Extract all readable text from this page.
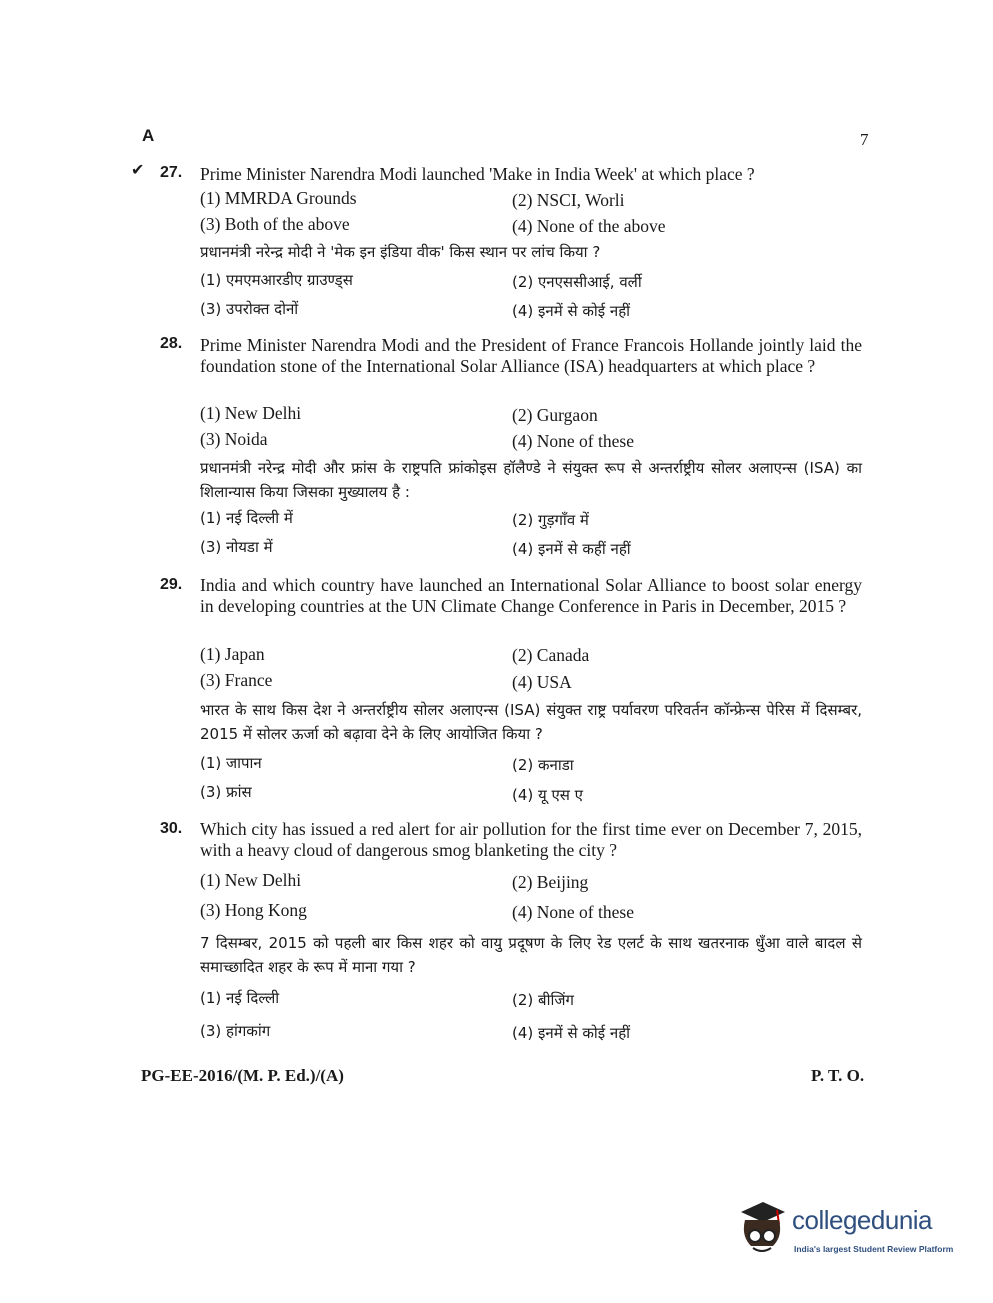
A	7
✔ 27. Prime Minister Narendra Modi launched 'Make in India Week' at which place ?
(1) MMRDA Grounds	(2) NSCI, Worli
(3) Both of the above	(4) None of the above
प्रधानमंत्री नरेन्द्र मोदी ने 'मेक इन इंडिया वीक' किस स्थान पर लांच किया ?
(1) एमएमआरडीए ग्राउण्ड्स	(2) एनएससीआई, वर्ली
(3) उपरोक्त दोनों	(4) इनमें से कोई नहीं
28. Prime Minister Narendra Modi and the President of France Francois Hollande jointly laid the foundation stone of the International Solar Alliance (ISA) headquarters at which place ?
(1) New Delhi	(2) Gurgaon
(3) Noida	(4) None of these
प्रधानमंत्री नरेन्द्र मोदी और फ्रांस के राष्ट्रपति फ्रांकोइस हॉलैण्डे ने संयुक्त रूप से अन्तर्राष्ट्रीय सोलर अलाएन्स (ISA) का शिलान्यास किया जिसका मुख्यालय है :
(1) नई दिल्ली में	(2) गुड़गाँव में
(3) नोयडा में	(4) इनमें से कहीं नहीं
29. India and which country have launched an International Solar Alliance to boost solar energy in developing countries at the UN Climate Change Conference in Paris in December, 2015 ?
(1) Japan	(2) Canada
(3) France	(4) USA
भारत के साथ किस देश ने अन्तर्राष्ट्रीय सोलर अलाएन्स (ISA) संयुक्त राष्ट्र पर्यावरण परिवर्तन कॉन्फ्रेन्स पेरिस में दिसम्बर, 2015 में सोलर ऊर्जा को बढ़ावा देने के लिए आयोजित किया ?
(1) जापान	(2) कनाडा
(3) फ्रांस	(4) यू एस ए
30. Which city has issued a red alert for air pollution for the first time ever on December 7, 2015, with a heavy cloud of dangerous smog blanketing the city ?
(1) New Delhi	(2) Beijing
(3) Hong Kong	(4) None of these
7 दिसम्बर, 2015 को पहली बार किस शहर को वायु प्रदूषण के लिए रेड एलर्ट के साथ खतरनाक धुँआ वाले बादल से समाच्छादित शहर के रूप में माना गया ?
(1) नई दिल्ली	(2) बीजिंग
(3) हांगकांग	(4) इनमें से कोई नहीं
PG-EE-2016/(M. P. Ed.)/(A)	P. T. O.
collegedunia
India's largest Student Review Platform
